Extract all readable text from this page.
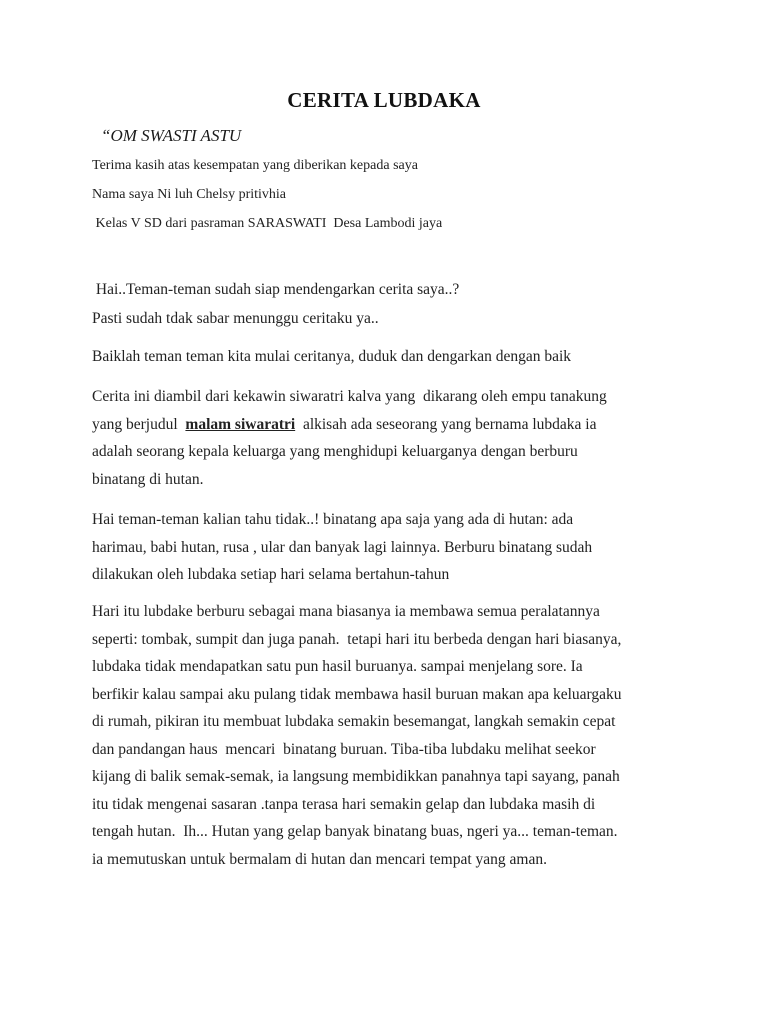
CERITA LUBDAKA
“OM SWASTI ASTU
Terima kasih atas kesempatan yang diberikan kepada saya
Nama saya Ni luh Chelsy pritivhia
Kelas V SD dari pasraman SARASWATI  Desa Lambodi jaya
Hai..Teman-teman sudah siap mendengarkan cerita saya..?
Pasti sudah tdak sabar menunggu ceritaku ya..
Baiklah teman teman kita mulai ceritanya, duduk dan dengarkan dengan baik
Cerita ini diambil dari kekawin siwaratri kalva yang  dikarang oleh empu tanakung
yang berjudul  malam siwaratri  alkisah ada seseorang yang bernama lubdaka ia
adalah seorang kepala keluarga yang menghidupi keluarganya dengan berburu
binatang di hutan.
Hai teman-teman kalian tahu tidak..! binatang apa saja yang ada di hutan: ada
harimau, babi hutan, rusa , ular dan banyak lagi lainnya. Berburu binatang sudah
dilakukan oleh lubdaka setiap hari selama bertahun-tahun
Hari itu lubdake berburu sebagai mana biasanya ia membawa semua peralatannya
seperti: tombak, sumpit dan juga panah.  tetapi hari itu berbeda dengan hari biasanya,
lubdaka tidak mendapatkan satu pun hasil buruanya. sampai menjelang sore. Ia
berfikir kalau sampai aku pulang tidak membawa hasil buruan makan apa keluargaku
di rumah, pikiran itu membuat lubdaka semakin besemangat, langkah semakin cepat
dan pandangan haus  mencari  binatang buruan. Tiba-tiba lubdaku melihat seekor
kijang di balik semak-semak, ia langsung membidikkan panahnya tapi sayang, panah
itu tidak mengenai sasaran .tanpa terasa hari semakin gelap dan lubdaka masih di
tengah hutan.  Ih... Hutan yang gelap banyak binatang buas, ngeri ya... teman-teman.
ia memutuskan untuk bermalam di hutan dan mencari tempat yang aman.
